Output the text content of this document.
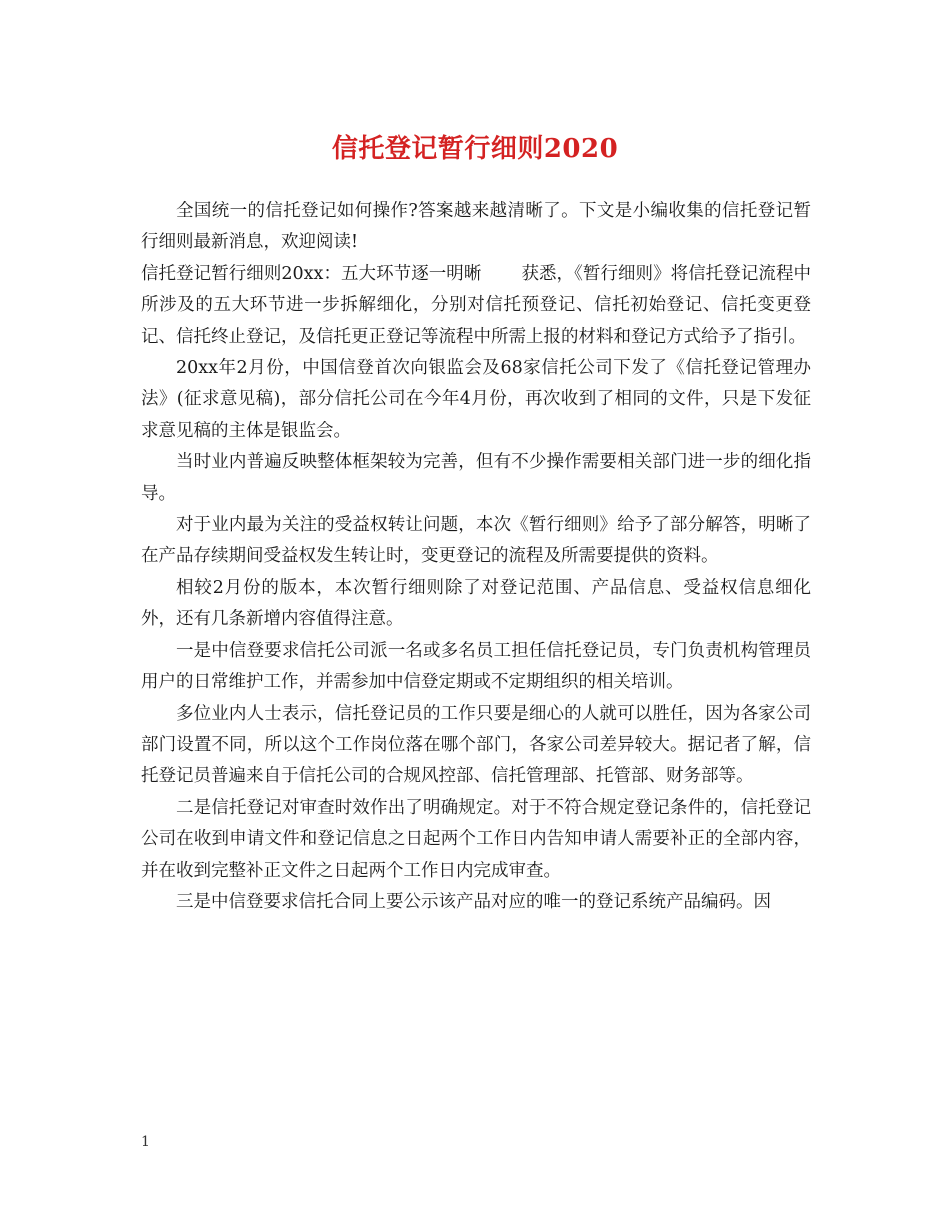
信托登记暂行细则2020

全国统一的信托登记如何操作?答案越来越清晰了。下文是小编收集的信托登记暂行细则最新消息，欢迎阅读!

信托登记暂行细则20xx：五大环节逐一明晰 获悉，《暂行细则》将信托登记流程中所涉及的五大环节进一步拆解细化，分别对信托预登记、信托初始登记、信托变更登记、信托终止登记，及信托更正登记等流程中所需上报的材料和登记方式给予了指引。

20xx年2月份，中国信登首次向银监会及68家信托公司下发了《信托登记管理办法》(征求意见稿)，部分信托公司在今年4月份，再次收到了相同的文件，只是下发征求意见稿的主体是银监会。

当时业内普遍反映整体框架较为完善，但有不少操作需要相关部门进一步的细化指导。

对于业内最为关注的受益权转让问题，本次《暂行细则》给予了部分解答，明晰了在产品存续期间受益权发生转让时，变更登记的流程及所需要提供的资料。

相较2月份的版本，本次暂行细则除了对登记范围、产品信息、受益权信息细化外，还有几条新增内容值得注意。

一是中信登要求信托公司派一名或多名员工担任信托登记员，专门负责机构管理员用户的日常维护工作，并需参加中信登定期或不定期组织的相关培训。

多位业内人士表示，信托登记员的工作只要是细心的人就可以胜任，因为各家公司部门设置不同，所以这个工作岗位落在哪个部门，各家公司差异较大。据记者了解，信托登记员普遍来自于信托公司的合规风控部、信托管理部、托管部、财务部等。

二是信托登记对审查时效作出了明确规定。对于不符合规定登记条件的，信托登记公司在收到申请文件和登记信息之日起两个工作日内告知申请人需要补正的全部内容，并在收到完整补正文件之日起两个工作日内完成审查。

三是中信登要求信托合同上要公示该产品对应的唯一的登记系统产品编码。因

1
